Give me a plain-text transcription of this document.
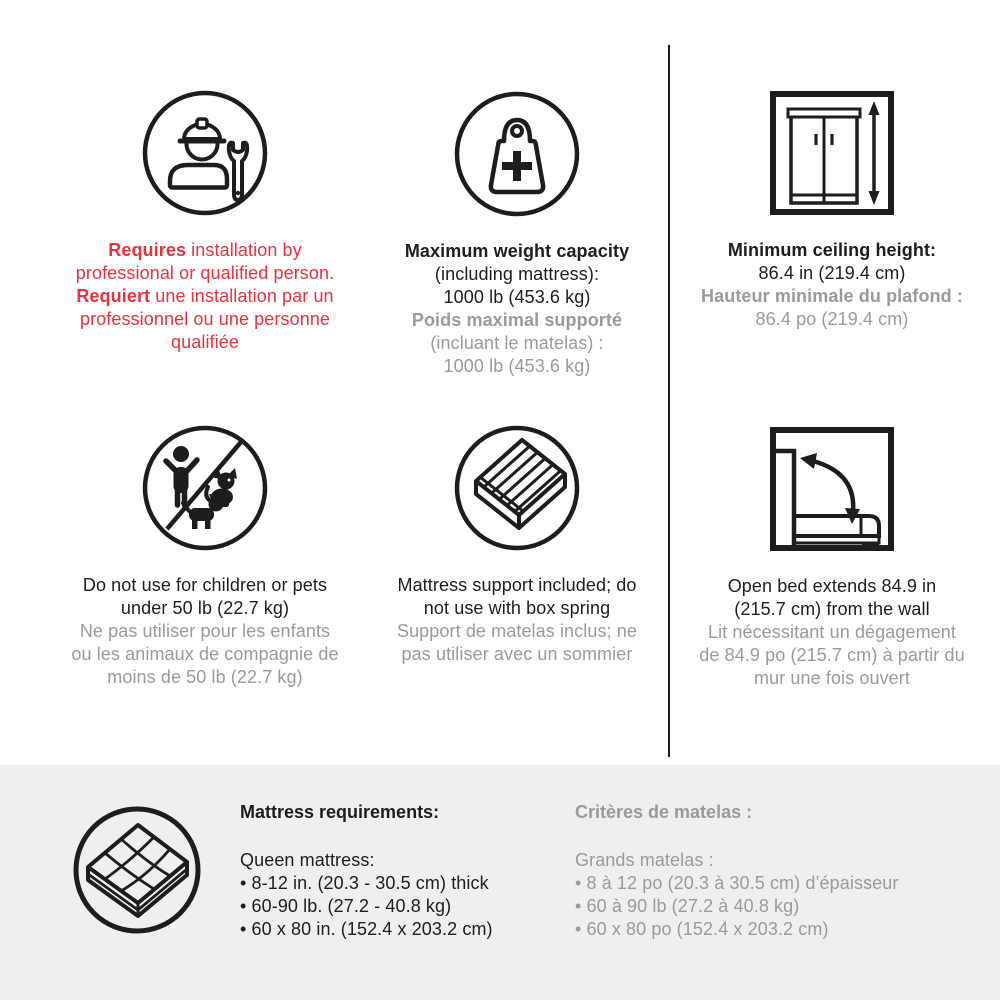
Requires installation by
professional or qualified person.
Requiert une installation par un
professionnel ou une personne
qualifiée
Maximum weight capacity
(including mattress):
1000 lb (453.6 kg)
Poids maximal supporté
(incluant le matelas) :
1000 lb (453.6 kg)
Minimum ceiling height:
86.4 in (219.4 cm)
Hauteur minimale du plafond :
86.4 po (219.4 cm)
Do not use for children or pets
under 50 lb (22.7 kg)
Ne pas utiliser pour les enfants
ou les animaux de compagnie de
moins de 50 lb (22.7 kg)
Mattress support included; do
not use with box spring
Support de matelas inclus; ne
pas utiliser avec un sommier
Open bed extends 84.9 in
(215.7 cm) from the wall
Lit nécessitant un dégagement
de 84.9 po (215.7 cm) à partir du
mur une fois ouvert
Mattress requirements:
Queen mattress:
• 8-12 in. (20.3 - 30.5 cm) thick
• 60-90 lb. (27.2 - 40.8 kg)
• 60 x 80 in. (152.4 x 203.2 cm)
Critères de matelas :
Grands matelas :
• 8 à 12 po (20.3 à 30.5 cm) d’épaisseur
• 60 à 90 lb (27.2 à 40.8 kg)
• 60 x 80 po (152.4 x 203.2 cm)
